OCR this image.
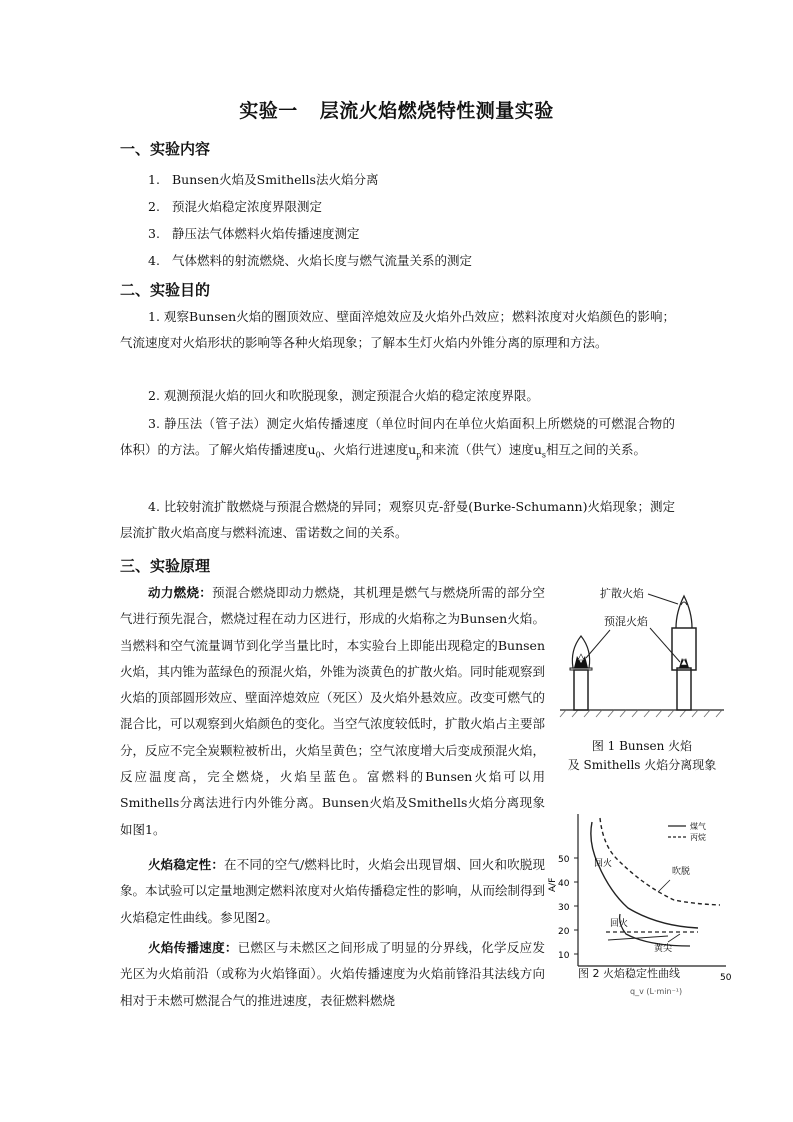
实验一 层流火焰燃烧特性测量实验
一、实验内容
1. Bunsen火焰及Smithells法火焰分离
2. 预混火焰稳定浓度界限测定
3. 静压法气体燃料火焰传播速度测定
4. 气体燃料的射流燃烧、火焰长度与燃气流量关系的测定
二、实验目的
1. 观察Bunsen火焰的圈顶效应、壁面淬熄效应及火焰外凸效应；燃料浓度对火焰颜色的影响；气流速度对火焰形状的影响等各种火焰现象；了解本生灯火焰内外锥分离的原理和方法。
2. 观测预混火焰的回火和吹脱现象，测定预混合火焰的稳定浓度界限。
3. 静压法（管子法）测定火焰传播速度（单位时间内在单位火焰面积上所燃烧的可燃混合物的体积）的方法。了解火焰传播速度$u_0$、火焰行进速度$u_p$和来流（供气）速度$u_s$相互之间的关系。
4. 比较射流扩散燃烧与预混合燃烧的异同；观察贝克-舒曼(Burke-Schumann)火焰现象；测定层流扩散火焰高度与燃料流速、雷诺数之间的关系。
三、实验原理
动力燃烧：预混合燃烧即动力燃烧，其机理是燃气与燃烧所需的部分空气进行预先混合，燃烧过程在动力区进行，形成的火焰称之为Bunsen火焰。当燃料和空气流量调节到化学当量比时，本实验台上即能出现稳定的Bunsen火焰，其内锥为蓝绿色的预混火焰，外锥为淡黄色的扩散火焰。同时能观察到火焰的顶部圆形效应、壁面淬熄效应（死区）及火焰外悬效应。改变可燃气的混合比，可以观察到火焰颜色的变化。当空气浓度较低时，扩散火焰占主要部分，反应不完全炭颗粒被析出，火焰呈黄色；空气浓度增大后变成预混火焰，反应温度高，完全燃烧，火焰呈蓝色。富燃料的Bunsen火焰可以用Smithells分离法进行内外锥分离。Bunsen火焰及Smithells火焰分离现象如图1。
火焰稳定性：在不同的空气/燃料比时，火焰会出现冒烟、回火和吹脱现象。本试验可以定量地测定燃料浓度对火焰传播稳定性的影响，从而绘制得到火焰稳定性曲线。参见图2。
火焰传播速度：已燃区与未燃区之间形成了明显的分界线，化学反应发光区为火焰前沿（或称为火焰锋面）。火焰传播速度为火焰前锋沿其法线方向相对于未燃可燃混合气的推进速度，表征燃料燃烧
扩散火焰
预混火焰
图 1 Bunsen 火焰
及 Smithells 火焰分离现象
50
40
30
20
10
A/F
50
q_v (L·min⁻¹)
煤气
丙烷
回火
吹脱
回火
黄尖
图 2 火焰稳定性曲线
